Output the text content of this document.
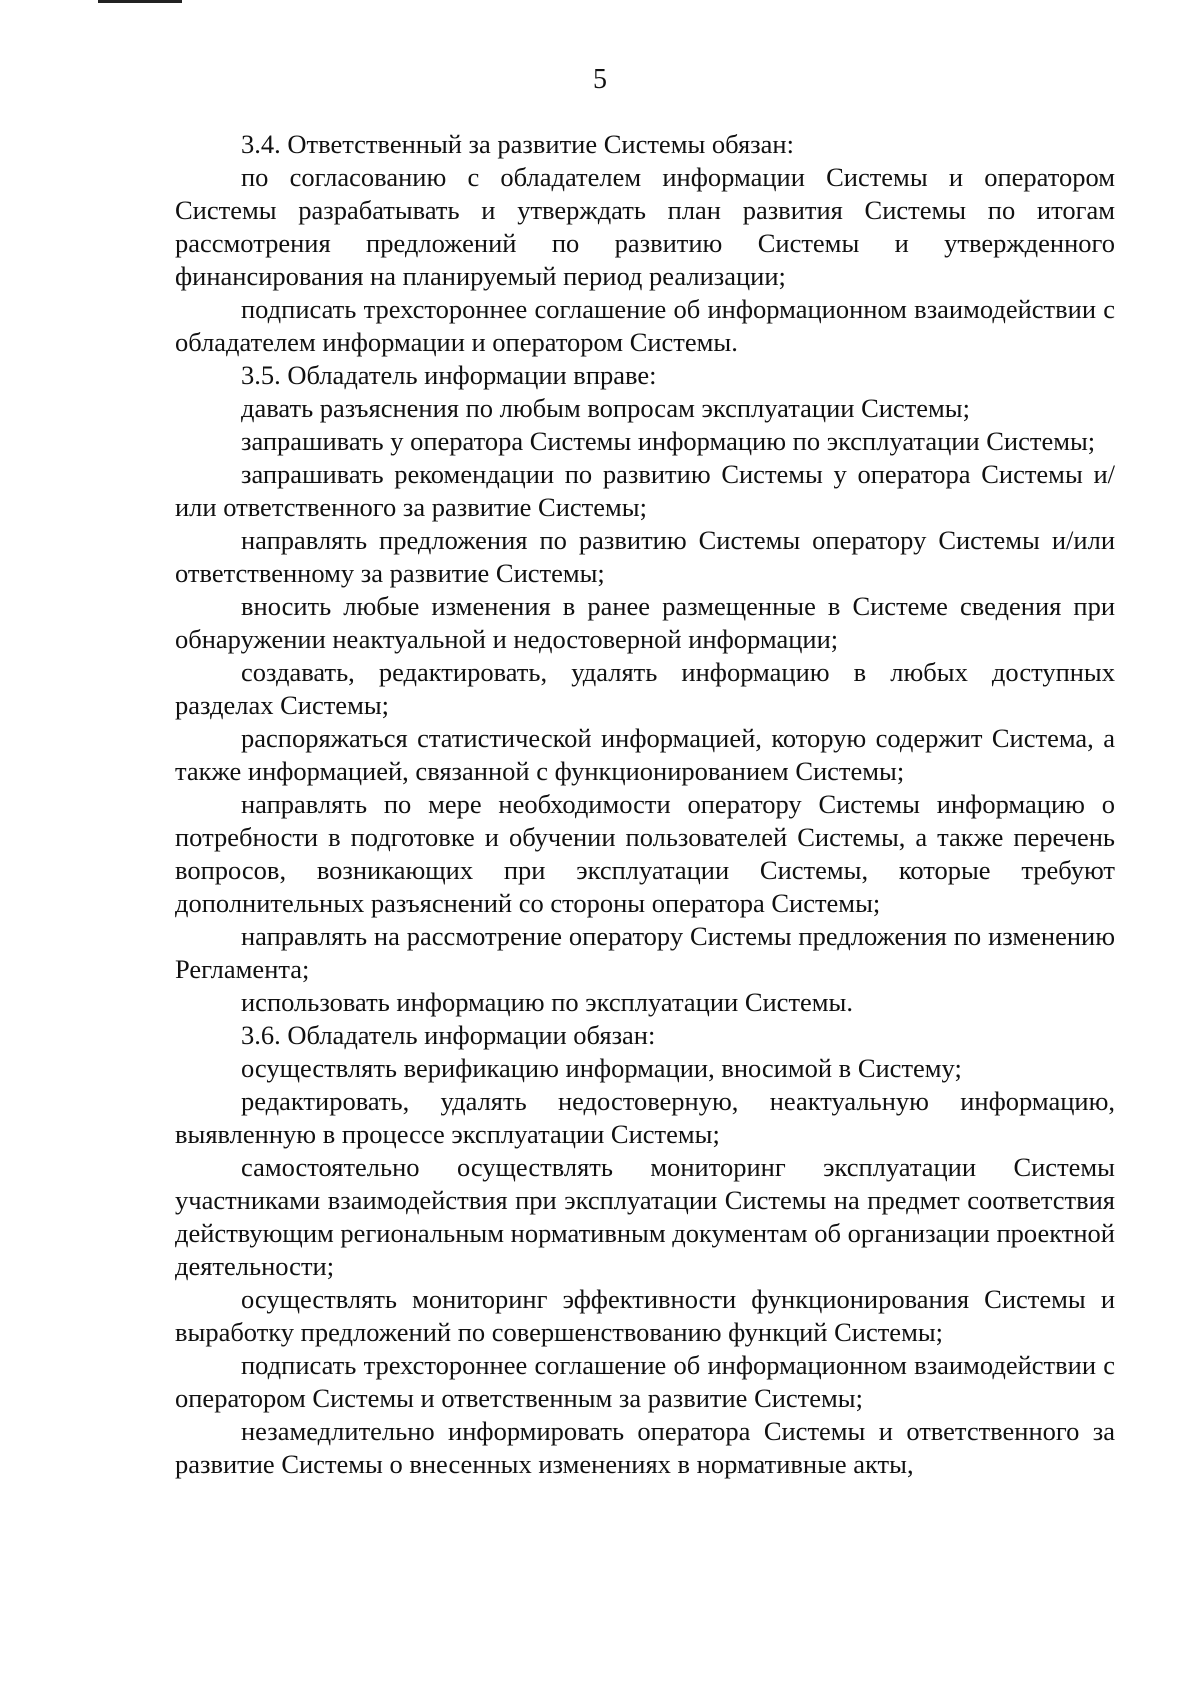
5

3.4. Ответственный за развитие Системы обязан:

по согласованию с обладателем информации Системы и оператором Системы разрабатывать и утверждать план развития Системы по итогам рассмотрения предложений по развитию Системы и утвержденного финансирования на планируемый период реализации;

подписать трехстороннее соглашение об информационном взаимодействии с обладателем информации и оператором Системы.

3.5. Обладатель информации вправе:

давать разъяснения по любым вопросам эксплуатации Системы;

запрашивать у оператора Системы информацию по эксплуатации Системы;

запрашивать рекомендации по развитию Системы у оператора Системы и/или ответственного за развитие Системы;

направлять предложения по развитию Системы оператору Системы и/или ответственному за развитие Системы;

вносить любые изменения в ранее размещенные в Системе сведения при обнаружении неактуальной и недостоверной информации;

создавать, редактировать, удалять информацию в любых доступных разделах Системы;

распоряжаться статистической информацией, которую содержит Система, а также информацией, связанной с функционированием Системы;

направлять по мере необходимости оператору Системы информацию о потребности в подготовке и обучении пользователей Системы, а также перечень вопросов, возникающих при эксплуатации Системы, которые требуют дополнительных разъяснений со стороны оператора Системы;

направлять на рассмотрение оператору Системы предложения по изменению Регламента;

использовать информацию по эксплуатации Системы.

3.6. Обладатель информации обязан:

осуществлять верификацию информации, вносимой в Систему;

редактировать, удалять недостоверную, неактуальную информацию, выявленную в процессе эксплуатации Системы;

самостоятельно осуществлять мониторинг эксплуатации Системы участниками взаимодействия при эксплуатации Системы на предмет соответствия действующим региональным нормативным документам об организации проектной деятельности;

осуществлять мониторинг эффективности функционирования Системы и выработку предложений по совершенствованию функций Системы;

подписать трехстороннее соглашение об информационном взаимодействии с оператором Системы и ответственным за развитие Системы;

незамедлительно информировать оператора Системы и ответственного за развитие Системы о внесенных изменениях в нормативные акты,
